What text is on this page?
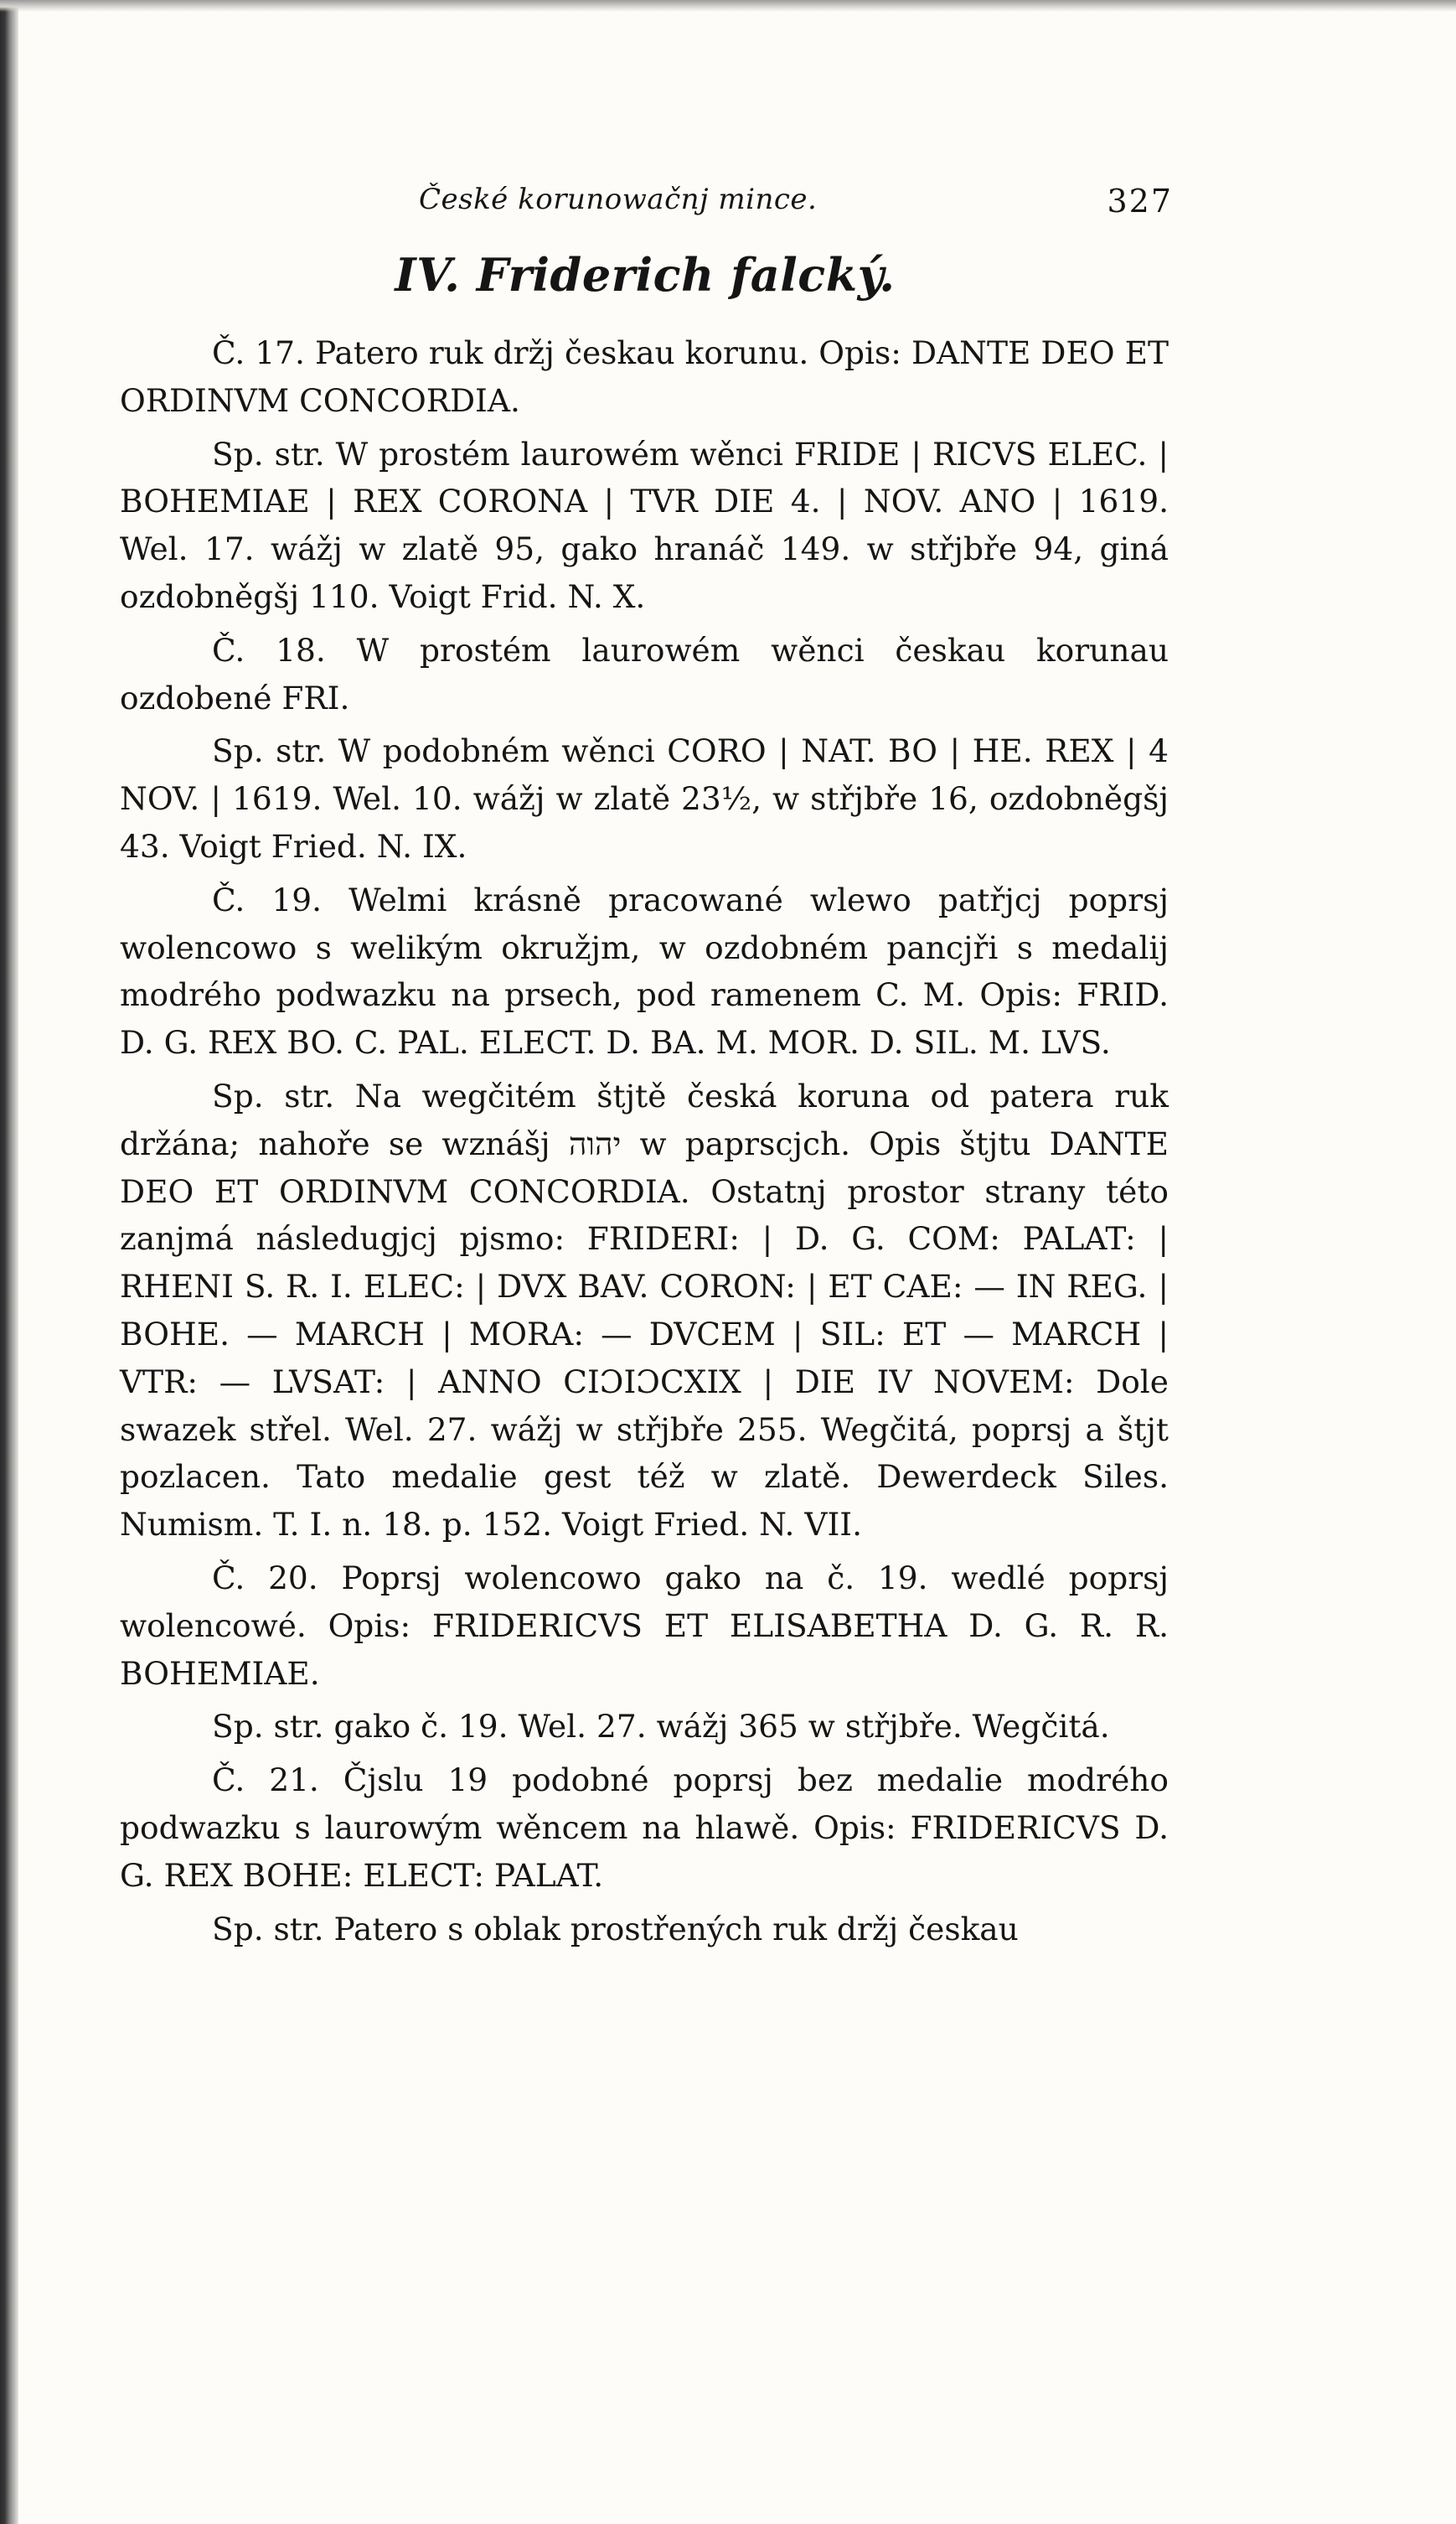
České korunowačnj mince.	327
IV. Friderich falcký.

Č. 17. Patero ruk držj českau korunu. Opis: DANTE DEO ET ORDINVM CONCORDIA.

Sp. str. W prostém laurowém wěnci FRIDE | RICVS ELEC. | BOHEMIAE | REX CORONA | TVR DIE 4. | NOV. ANO | 1619. Wel. 17. wážj w zlatě 95, gako hranáč 149. w střjbře 94, giná ozdobněgšj 110. Voigt Frid. N. X.

Č. 18. W prostém laurowém wěnci českau korunau ozdobené FRI.

Sp. str. W podobném wěnci CORO | NAT. BO | HE. REX | 4 NOV. | 1619. Wel. 10. wážj w zlatě 23½, w střjbře 16, ozdobněgšj 43. Voigt Fried. N. IX.

Č. 19. Welmi krásně pracowané wlewo patřjcj poprsj wolencowo s welikým okružjm, w ozdobném pancjři s medalij modrého podwazku na prsech, pod ramenem C. M. Opis: FRID. D. G. REX BO. C. PAL. ELECT. D. BA. M. MOR. D. SIL. M. LVS.

Sp. str. Na wegčitém štjtě česká koruna od patera ruk držána; nahoře se wznášj יהוה w paprscjch. Opis štjtu DANTE DEO ET ORDINVM CONCORDIA. Ostatnj prostor strany této zanjmá následugjcj pjsmo: FRIDERI: | D. G. COM: PALAT: | RHENI S. R. I. ELEC: | DVX BAV. CORON: | ET CAE: — IN REG. | BOHE. — MARCH | MORA: — DVCEM | SIL: ET — MARCH | VTR: — LVSAT: | ANNO CIƆIƆCXIX | DIE IV NOVEM: Dole swazek střel. Wel. 27. wážj w střjbře 255. Wegčitá, poprsj a štjt pozlacen. Tato medalie gest též w zlatě. Dewerdeck Siles. Numism. T. I. n. 18. p. 152. Voigt Fried. N. VII.

Č. 20. Poprsj wolencowo gako na č. 19. wedlé poprsj wolencowé. Opis: FRIDERICVS ET ELISABETHA D. G. R. R. BOHEMIAE.

Sp. str. gako č. 19. Wel. 27. wážj 365 w střjbře. Wegčitá.

Č. 21. Čjslu 19 podobné poprsj bez medalie modrého podwazku s laurowým wěncem na hlawě. Opis: FRIDERICVS D. G. REX BOHE: ELECT: PALAT.

Sp. str. Patero s oblak prostřených ruk držj českau
